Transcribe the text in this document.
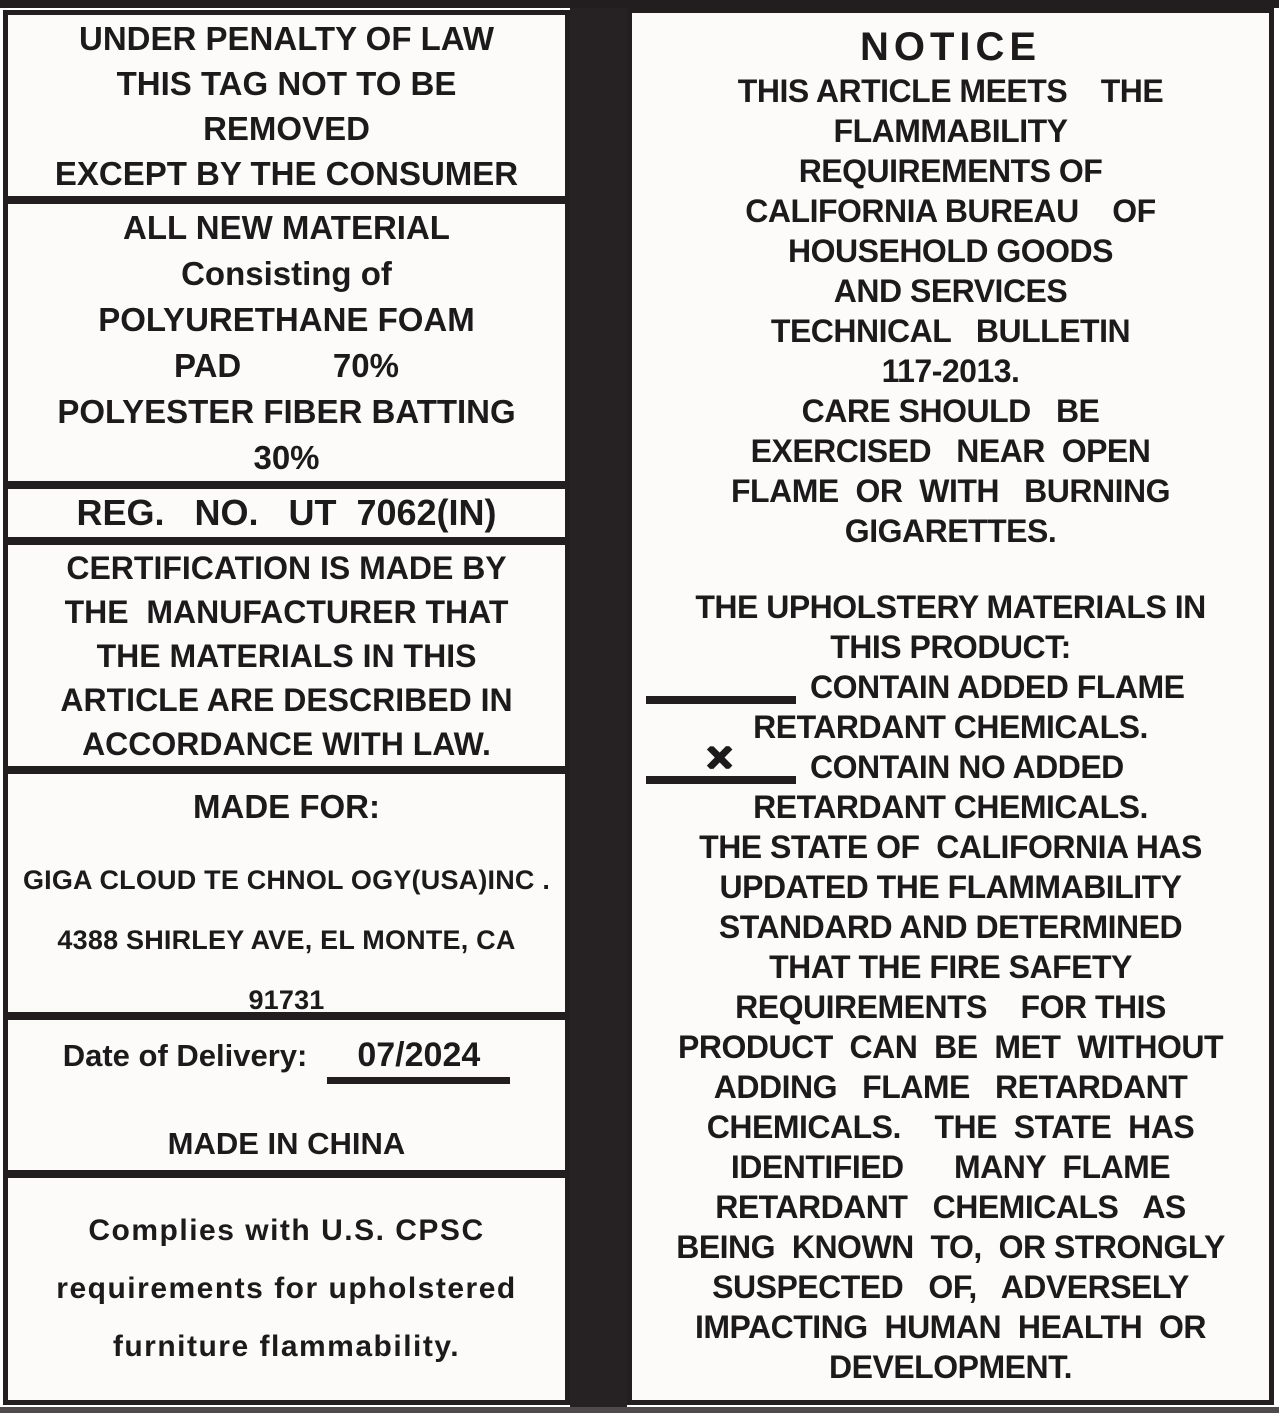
UNDER PENALTY OF LAW
THIS TAG NOT TO BE
REMOVED
EXCEPT BY THE CONSUMER
ALL NEW MATERIAL
Consisting of
POLYURETHANE FOAM
PAD          70%
POLYESTER FIBER BATTING
30%
REG.   NO.   UT  7062(IN)
CERTIFICATION IS MADE BY
THE  MANUFACTURER THAT
THE MATERIALS IN THIS
ARTICLE ARE DESCRIBED IN
ACCORDANCE WITH LAW.
MADE FOR:
GIGA CLOUD TE CHNOL OGY(USA)INC .
4388 SHIRLEY AVE, EL MONTE, CA
91731
Date of Delivery:	07/2024
MADE IN CHINA
Complies with U.S. CPSC
requirements for upholstered
furniture flammability.
NOTICE
THIS ARTICLE MEETS    THE
FLAMMABILITY
REQUIREMENTS OF
CALIFORNIA BUREAU    OF
HOUSEHOLD GOODS
AND SERVICES
TECHNICAL   BULLETIN
117-2013.
CARE SHOULD   BE
EXERCISED   NEAR  OPEN
FLAME  OR  WITH   BURNING
GIGARETTES.
THE UPHOLSTERY MATERIALS IN
THIS PRODUCT:
CONTAIN ADDED FLAME
RETARDANT CHEMICALS.
× CONTAIN NO ADDED
RETARDANT CHEMICALS.
THE STATE OF  CALIFORNIA HAS
UPDATED THE FLAMMABILITY
STANDARD AND DETERMINED
THAT THE FIRE SAFETY
REQUIREMENTS    FOR THIS
PRODUCT  CAN  BE  MET  WITHOUT
ADDING   FLAME   RETARDANT
CHEMICALS.    THE  STATE  HAS
IDENTIFIED      MANY  FLAME
RETARDANT   CHEMICALS   AS
BEING  KNOWN  TO,  OR STRONGLY
SUSPECTED   OF,   ADVERSELY
IMPACTING  HUMAN  HEALTH  OR
DEVELOPMENT.
